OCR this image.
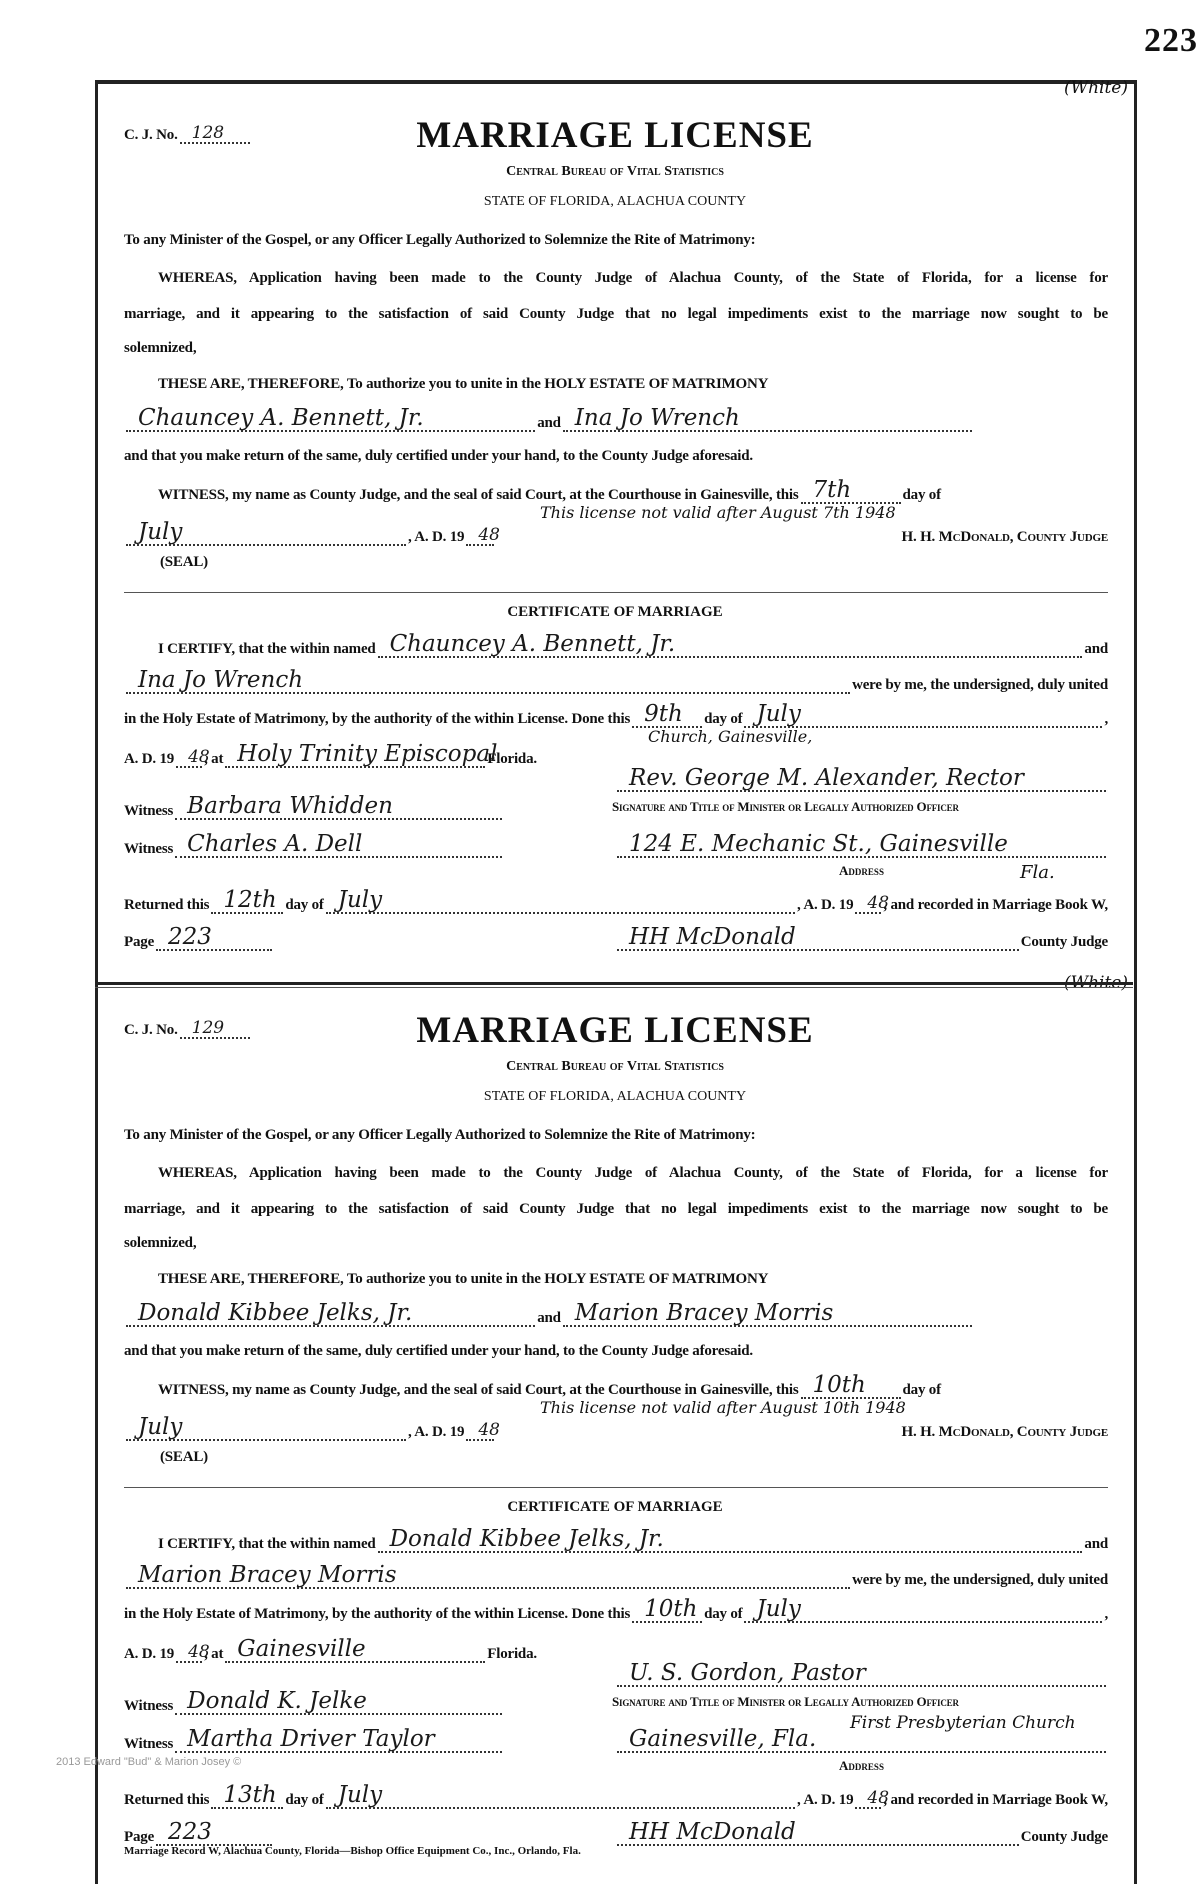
223
(White)
C. J. No. 128	MARRIAGE LICENSE
Central Bureau of Vital Statistics
STATE OF FLORIDA, ALACHUA COUNTY
To any Minister of the Gospel, or any Officer Legally Authorized to Solemnize the Rite of Matrimony:
WHEREAS, Application having been made to the County Judge of Alachua County, of the State of Florida, for a license for
marriage, and it appearing to the satisfaction of said County Judge that no legal impediments exist to the marriage now sought to be
solemnized,
THESE ARE, THEREFORE, To authorize you to unite in the HOLY ESTATE OF MATRIMONY
Chauncey A. Bennett, Jr.	and Ina Jo Wrench
and that you make return of the same, duly certified under your hand, to the County Judge aforesaid.
WITNESS, my name as County Judge, and the seal of said Court, at the Courthouse in Gainesville, this 7th	day of
This license not valid after August 7th 1948
July	, A. D. 19 48	H. H. McDonald, County Judge
(SEAL)
CERTIFICATE OF MARRIAGE
I CERTIFY, that the within named Chauncey A. Bennett, Jr.	and
Ina Jo Wrench	were by me, the undersigned, duly united
in the Holy Estate of Matrimony, by the authority of the within License. Done this 9th day of July	,
Church, Gainesville,
A. D. 19 48
, at Holy Trinity Episcopal
Florida.
Rev. George M. Alexander, Rector
Witness Barbara Whidden	Signature and Title of Minister or Legally Authorized Officer
Witness Charles A. Dell	124 E. Mechanic St., Gainesville
Address	Fla.
Returned this 12th day of July	, A. D. 19 48
, and recorded in Marriage Book W,
Page 223	HH McDonald	County Judge
(White)
C. J. No. 129	MARRIAGE LICENSE
Central Bureau of Vital Statistics
STATE OF FLORIDA, ALACHUA COUNTY
To any Minister of the Gospel, or any Officer Legally Authorized to Solemnize the Rite of Matrimony:
WHEREAS, Application having been made to the County Judge of Alachua County, of the State of Florida, for a license for
marriage, and it appearing to the satisfaction of said County Judge that no legal impediments exist to the marriage now sought to be
solemnized,
THESE ARE, THEREFORE, To authorize you to unite in the HOLY ESTATE OF MATRIMONY
Donald Kibbee Jelks, Jr.	and Marion Bracey Morris
and that you make return of the same, duly certified under your hand, to the County Judge aforesaid.
WITNESS, my name as County Judge, and the seal of said Court, at the Courthouse in Gainesville, this 10th day of
This license not valid after August 10th 1948
July	, A. D. 19 48	H. H. McDonald, County Judge
(SEAL)
CERTIFICATE OF MARRIAGE
I CERTIFY, that the within named Donald Kibbee Jelks, Jr.	and
Marion Bracey Morris	were by me, the undersigned, duly united
in the Holy Estate of Matrimony, by the authority of the within License. Done this 10th day of July	,
A. D. 19 48
, at Gainesville	Florida.
U. S. Gordon, Pastor
Witness Donald K. Jelke	Signature and Title of Minister or Legally Authorized Officer
Witness Martha Driver Taylor
First Presbyterian Church
Gainesville, Fla.
Address
Returned this 13th day of July	, A. D. 19 48
, and recorded in Marriage Book W,
Page 223	HH McDonald	County Judge
2013 Edward "Bud" & Marion Josey ©
Marriage Record W, Alachua County, Florida—Bishop Office Equipment Co., Inc., Orlando, Fla.
